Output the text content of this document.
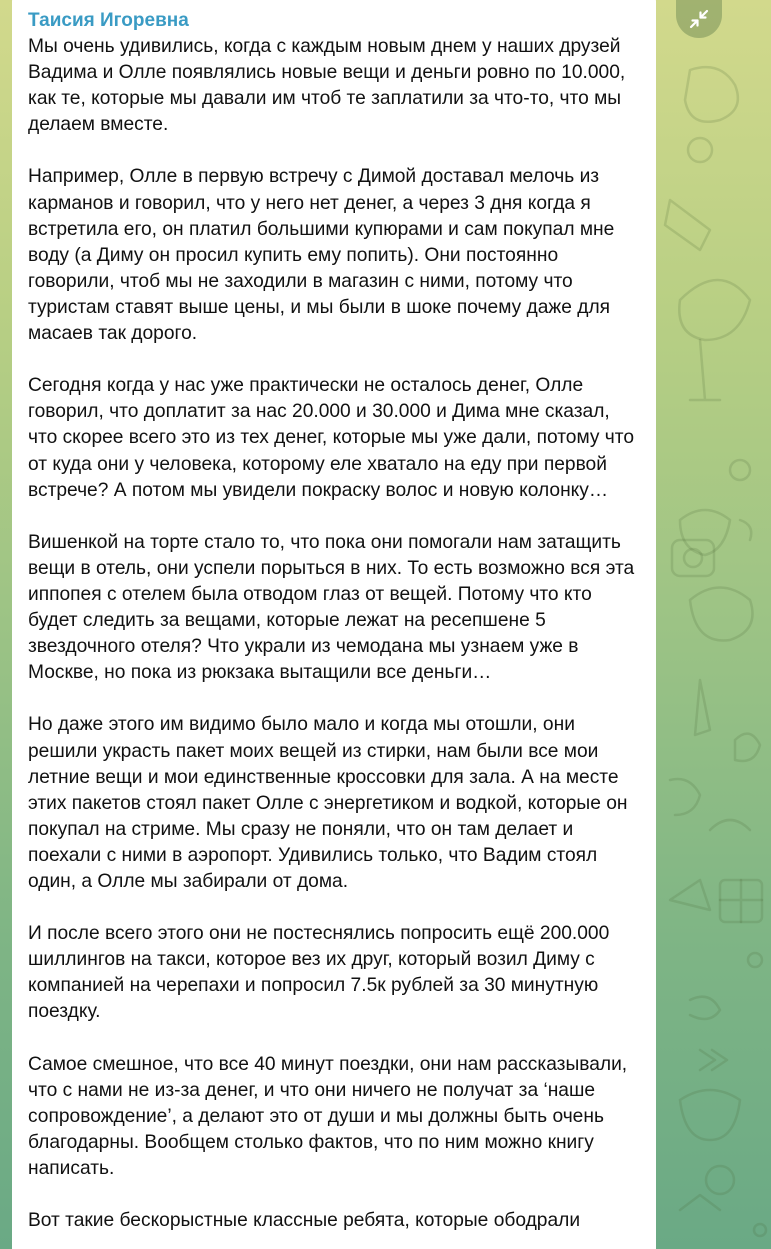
Таисия Игоревна

Мы очень удивились, когда с каждым новым днем у наших друзей Вадима и Олле появлялись новые вещи и деньги ровно по 10.000, как те, которые мы давали им чтоб те заплатили за что-то, что мы делаем вместе.

Например, Олле в первую встречу с Димой доставал мелочь из карманов и говорил, что у него нет денег, а через 3 дня когда я встретила его, он платил большими купюрами и сам покупал мне воду (а Диму он просил купить ему попить). Они постоянно говорили, чтоб мы не заходили в магазин с ними, потому что туристам ставят выше цены, и мы были в шоке почему даже для масаев так дорого.

Сегодня когда у нас уже практически не осталось денег, Олле говорил, что доплатит за нас 20.000 и 30.000 и Дима мне сказал, что скорее всего это из тех денег, которые мы уже дали, потому что от куда они у человека, которому еле хватало на еду при первой встрече? А потом мы увидели покраску волос и новую колонку…

Вишенкой на торте стало то, что пока они помогали нам затащить вещи в отель, они успели порыться в них. То есть возможно вся эта иппопея с отелем была отводом глаз от вещей. Потому что кто будет следить за вещами, которые лежат на ресепшене 5 звездочного отеля? Что украли из чемодана мы узнаем уже в Москве, но пока из рюкзака вытащили все деньги…

Но даже этого им видимо было мало и когда мы отошли, они решили украсть пакет моих вещей из стирки, нам были все мои летние вещи и мои единственные кроссовки для зала. А на месте этих пакетов стоял пакет Олле с энергетиком и водкой, которые он покупал на стриме. Мы сразу не поняли, что он там делает и поехали с ними в аэропорт. Удивились только, что Вадим стоял один, а Олле мы забирали от дома.

И после всего этого они не постеснялись попросить ещё 200.000 шиллингов на такси, которое вез их друг, который возил Диму с компанией на черепахи и попросил 7.5к рублей за 30 минутную поездку.

Самое смешное, что все 40 минут поездки, они нам рассказывали, что с нами не из-за денег, и что они ничего не получат за ‘наше сопровождение’, а делают это от души и мы должны быть очень благодарны. Вообщем столько фактов, что по ним можно книгу написать.

Вот такие бескорыстные классные ребята, которые ободрали
